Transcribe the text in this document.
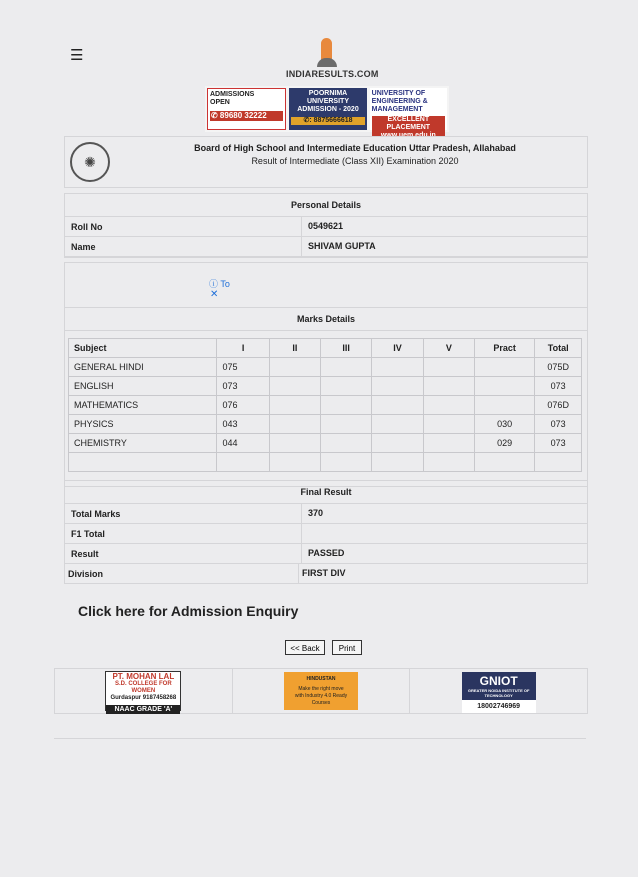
☰
INDIARESULTS.COM
ADMISSIONS
OPEN
✆ 89680 32222
POORNIMA
UNIVERSITY
ADMISSION - 2020
✆: 8875666618
UNIVERSITY OF
ENGINEERING &
MANAGEMENT
EXCELLENT PLACEMENT
✺
Board of High School and Intermediate Education Uttar Pradesh, Allahabad
Result of Intermediate (Class XII) Examination 2020
Personal Details
Roll No	0549621
Name	SHIVAM GUPTA
ⓘ To
✕
Marks Details
Subject	I	II	III	IV	V	Pract	Total
GENERAL HINDI	075						075D
ENGLISH	073						073
MATHEMATICS	076						076D
PHYSICS	043					030	073
CHEMISTRY	044					029	073

Final Result
Total Marks	370
F1 Total
Result	PASSED
Division	FIRST DIV
Click here for Admission Enquiry
<< Back	Print
PT. MOHAN LAL
S.D. COLLEGE FOR WOMEN
Gurdaspur 9187458268
NAAC GRADE 'A'
HINDUSTAN
Make the right move
with Industry 4.0 Ready
Courses
GNIOT
GREATER NOIDA INSTITUTE OF TECHNOLOGY
18002746969
